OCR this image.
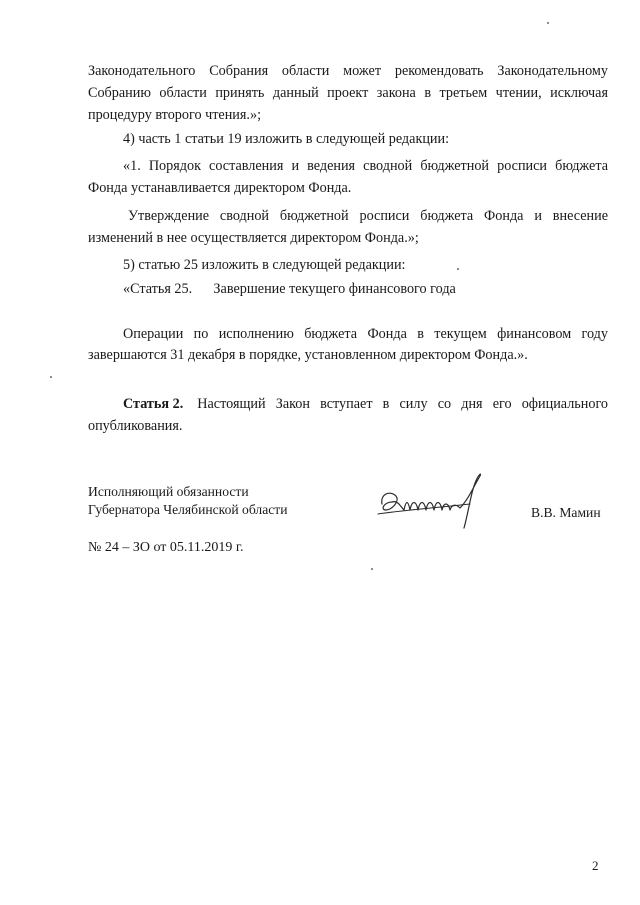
Законодательного Собрания области может рекомендовать Законодательному
Собранию области принять данный проект закона в третьем чтении, исключая
процедуру второго чтения.»;
4) часть 1 статьи 19 изложить в следующей редакции:
«1. Порядок составления и ведения сводной бюджетной росписи бюджета
Фонда устанавливается директором Фонда.
Утверждение сводной бюджетной росписи бюджета Фонда и внесение
изменений в нее осуществляется директором Фонда.»;
5) статью 25 изложить в следующей редакции:
«Статья 25.      Завершение текущего финансового года
Операции по исполнению бюджета Фонда в текущем финансовом году
завершаются 31 декабря в порядке, установленном директором Фонда.».
Статья 2. Настоящий Закон вступает в силу со дня его официального
опубликования.
Исполняющий обязанности
Губернатора Челябинской области	В.В. Мамин
№ 24 – ЗО от 05.11.2019 г.
2
